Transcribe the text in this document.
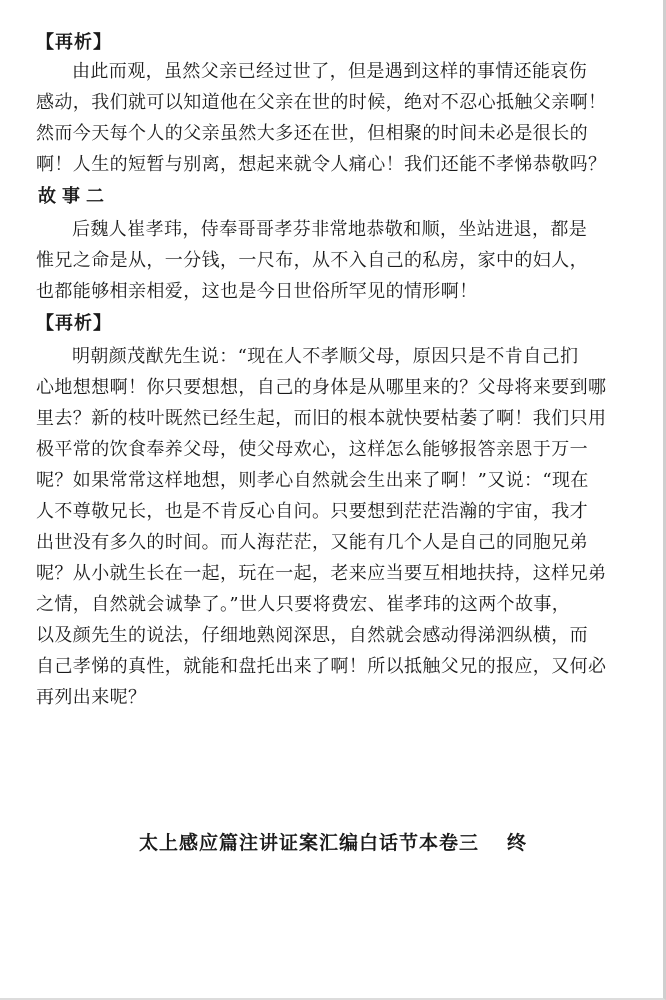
【再析】
由此而观，虽然父亲已经过世了，但是遇到这样的事情还能哀伤
感动，我们就可以知道他在父亲在世的时候，绝对不忍心抵触父亲啊！
然而今天每个人的父亲虽然大多还在世，但相聚的时间未必是很长的
啊！人生的短暂与别离，想起来就令人痛心！我们还能不孝悌恭敬吗？
故事二
后魏人崔孝玮，侍奉哥哥孝芬非常地恭敬和顺，坐站进退，都是
惟兄之命是从，一分钱，一尺布，从不入自己的私房，家中的妇人，
也都能够相亲相爱，这也是今日世俗所罕见的情形啊！
【再析】
明朝颜茂猷先生说：“现在人不孝顺父母，原因只是不肯自己扪
心地想想啊！你只要想想，自己的身体是从哪里来的？父母将来要到哪
里去？新的枝叶既然已经生起，而旧的根本就快要枯萎了啊！我们只用
极平常的饮食奉养父母，使父母欢心，这样怎么能够报答亲恩于万一
呢？如果常常这样地想，则孝心自然就会生出来了啊！”又说：“现在
人不尊敬兄长，也是不肯反心自问。只要想到茫茫浩瀚的宇宙，我才
出世没有多久的时间。而人海茫茫，又能有几个人是自己的同胞兄弟
呢？从小就生长在一起，玩在一起，老来应当要互相地扶持，这样兄弟
之情，自然就会诚挚了。”世人只要将费宏、崔孝玮的这两个故事，
以及颜先生的说法，仔细地熟阅深思，自然就会感动得涕泗纵横，而
自己孝悌的真性，就能和盘托出来了啊！所以抵触父兄的报应，又何必
再列出来呢？
太上感应篇注讲证案汇编白话节本卷三 终
